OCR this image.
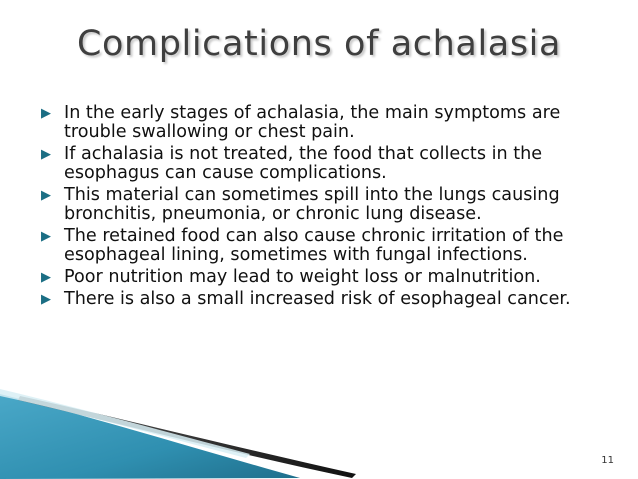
Complications of achalasia
▶ In the early stages of achalasia, the main symptoms are trouble swallowing or chest pain.
▶ If achalasia is not treated, the food that collects in the esophagus can cause complications.
▶ This material can sometimes spill into the lungs causing bronchitis, pneumonia, or chronic lung disease.
▶ The retained food can also cause chronic irritation of the esophageal lining, sometimes with fungal infections.
▶ Poor nutrition may lead to weight loss or malnutrition.
▶ There is also a small increased risk of esophageal cancer.
11
